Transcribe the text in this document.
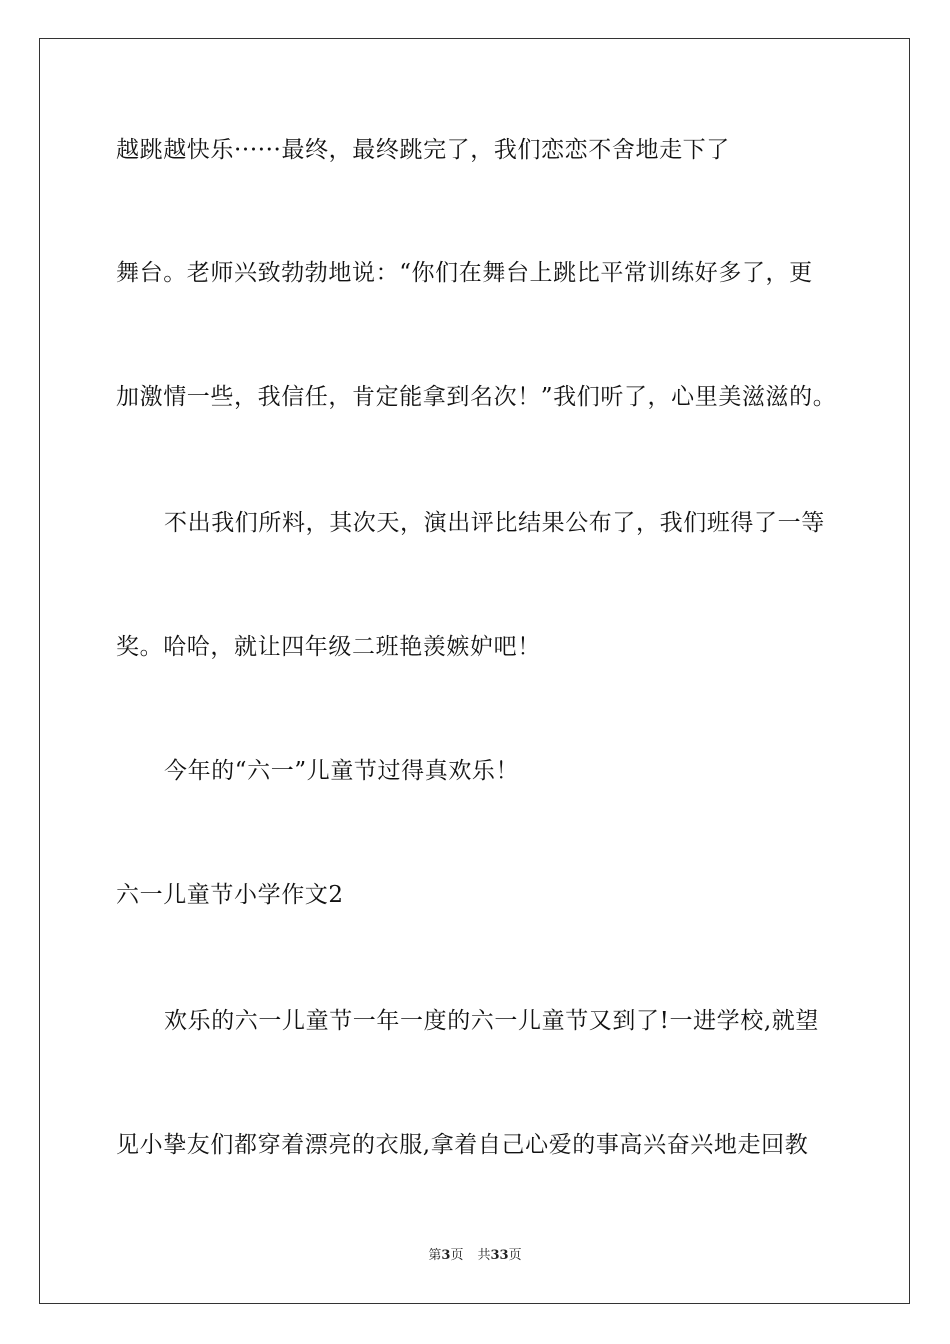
越跳越快乐······最终，最终跳完了，我们恋恋不舍地走下了
舞台。老师兴致勃勃地说：“你们在舞台上跳比平常训练好多了，更
加激情一些，我信任，肯定能拿到名次！”我们听了，心里美滋滋的。
不出我们所料，其次天，演出评比结果公布了，我们班得了一等
奖。哈哈，就让四年级二班艳羡嫉妒吧！
今年的“六一”儿童节过得真欢乐！
六一儿童节小学作文2
欢乐的六一儿童节一年一度的六一儿童节又到了!一进学校,就望
见小挚友们都穿着漂亮的衣服,拿着自己心爱的事高兴奋兴地走回教
第3页 共33页
